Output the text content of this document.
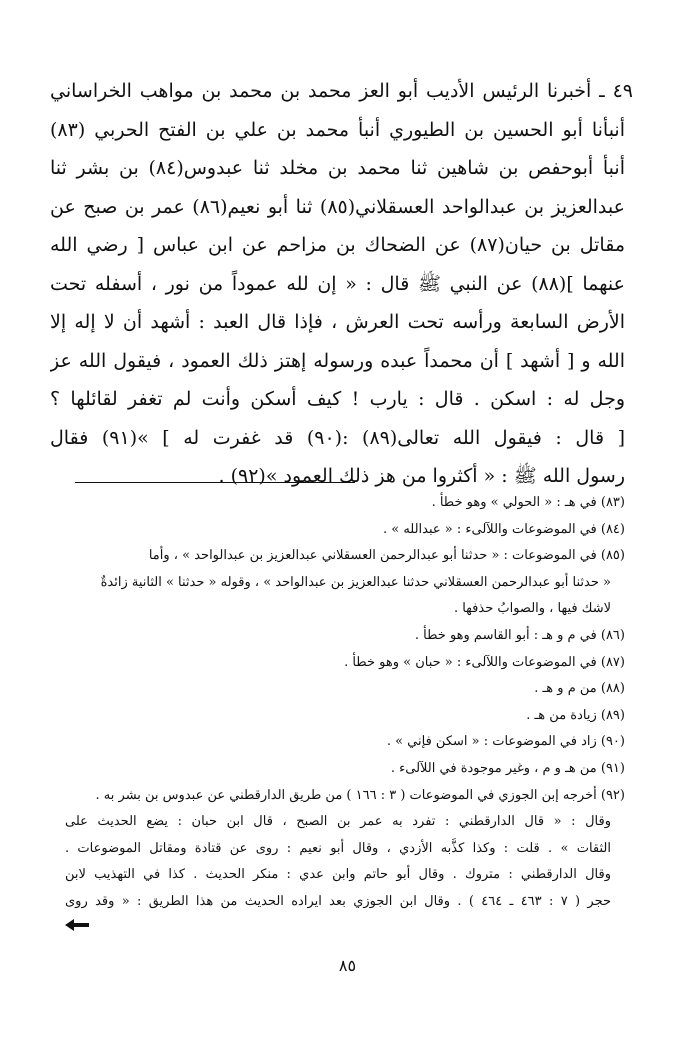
٤٩ ـ أخبرنا الرئيس الأديب أبو العز محمد بن محمد بن مواهب الخراساني
أنبأنا أبو الحسين بن الطيوري أنبأ محمد بن علي بن الفتح الحربي (٨٣)
أنبأ أبوحفص بن شاهين ثنا محمد بن مخلد ثنا عبدوس(٨٤) بن بشر ثنا
عبدالعزيز بن عبدالواحد العسقلاني(٨٥) ثنا أبو نعيم(٨٦) عمر بن صبح عن
مقاتل بن حيان(٨٧) عن الضحاك بن مزاحم عن ابن عباس [ رضي الله
عنهما ](٨٨) عن النبي ﷺ قال : « إن لله عموداً من نور ، أسفله تحت
الأرض السابعة ورأسه تحت العرش ، فإذا قال العبد : أشهد أن لا إله إلا
الله و [ أشهد ] أن محمداً عبده ورسوله إهتز ذلك العمود ، فيقول الله عز
وجل له : اسكن . قال : يارب ! كيف أسكن وأنت لم تغفر لقائلها ؟
[ قال : فيقول الله تعالى(٨٩) :(٩٠) قد غفرت له ] »(٩١) فقال
رسول الله ﷺ : « أكثروا من هز ذلك العمود »(٩٢) .
(٨٣) في هـ : « الحولي » وهو خطأ .
(٨٤) في الموضوعات واللآلىء : « عبدالله » .
(٨٥) في الموضوعات : « حدثنا أبو عبدالرحمن العسقلاني عبدالعزيز بن عبدالواحد » ، وأما
« حدثنا أبو عبدالرحمن العسقلاني حدثنا عبدالعزيز بن عبدالواحد » ، وقوله « حدثنا » الثانية زائدةٌ
لاشك فيها ، والصوابُ حذفها .
(٨٦) في م و هـ : أبو القاسم وهو خطأ .
(٨٧) في الموضوعات واللآلىء : « حبان » وهو خطأ .
(٨٨) من م و هـ .
(٨٩) زيادة من هـ .
(٩٠) زاد في الموضوعات : « اسكن فإني » .
(٩١) من هـ و م ، وغير موجودة في اللآلىء .
(٩٢) أخرجه إبن الجوزي في الموضوعات ( ٣ : ١٦٦ ) من طريق الدارقطني عن عبدوس بن بشر به .
وقال : « قال الدارقطني : تفرد به عمر بن الصبح ، قال ابن حبان : يضع الحديث على
الثقات » . قلت : وكذا كذَّبه الأزدي ، وقال أبو نعيم : روى عن قتادة ومقاتل الموضوعات .
وقال الدارقطني : متروك . وقال أبو حاتم وابن عدي : منكر الحديث . كذا في التهذيب لابن
حجر ( ٧ : ٤٦٣ ـ ٤٦٤ ) . وقال ابن الجوزي بعد ايراده الحديث من هذا الطريق : « وقد روى
٨٥
